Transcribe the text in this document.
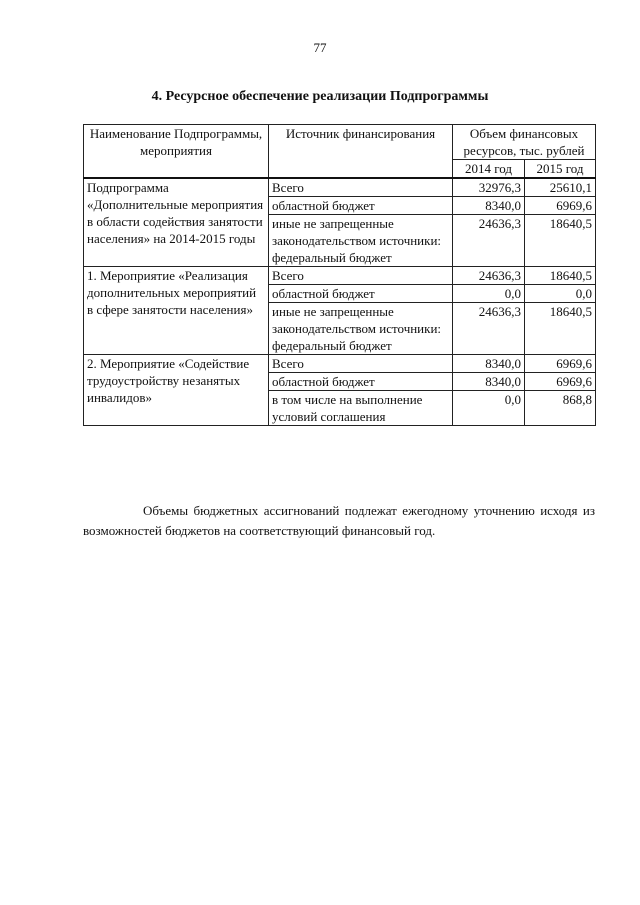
77
4. Ресурсное обеспечение реализации Подпрограммы
Наименование Подпрограммы, мероприятия	Источник финансирования	Объем финансовых ресурсов, тыс. рублей	
		2014 год	2015 год
Подпрограмма «Дополнительные мероприятия в области содействия занятости населения» на 2014-2015 годы	Всего	32976,3	25610,1
	областной бюджет	8340,0	6969,6
	иные не запрещенные законодательством источники: федеральный бюджет	24636,3	18640,5
1. Мероприятие «Реализация дополнительных мероприятий в сфере занятости населения»	Всего	24636,3	18640,5
	областной бюджет	0,0	0,0
	иные не запрещенные законодательством источники: федеральный бюджет	24636,3	18640,5
2. Мероприятие «Содействие трудоустройству незанятых инвалидов»	Всего	8340,0	6969,6
	областной бюджет	8340,0	6969,6
	в том числе на выполнение условий соглашения	0,0	868,8
Объемы бюджетных ассигнований подлежат ежегодному уточнению исходя из возможностей бюджетов на соответствующий финансовый год.
